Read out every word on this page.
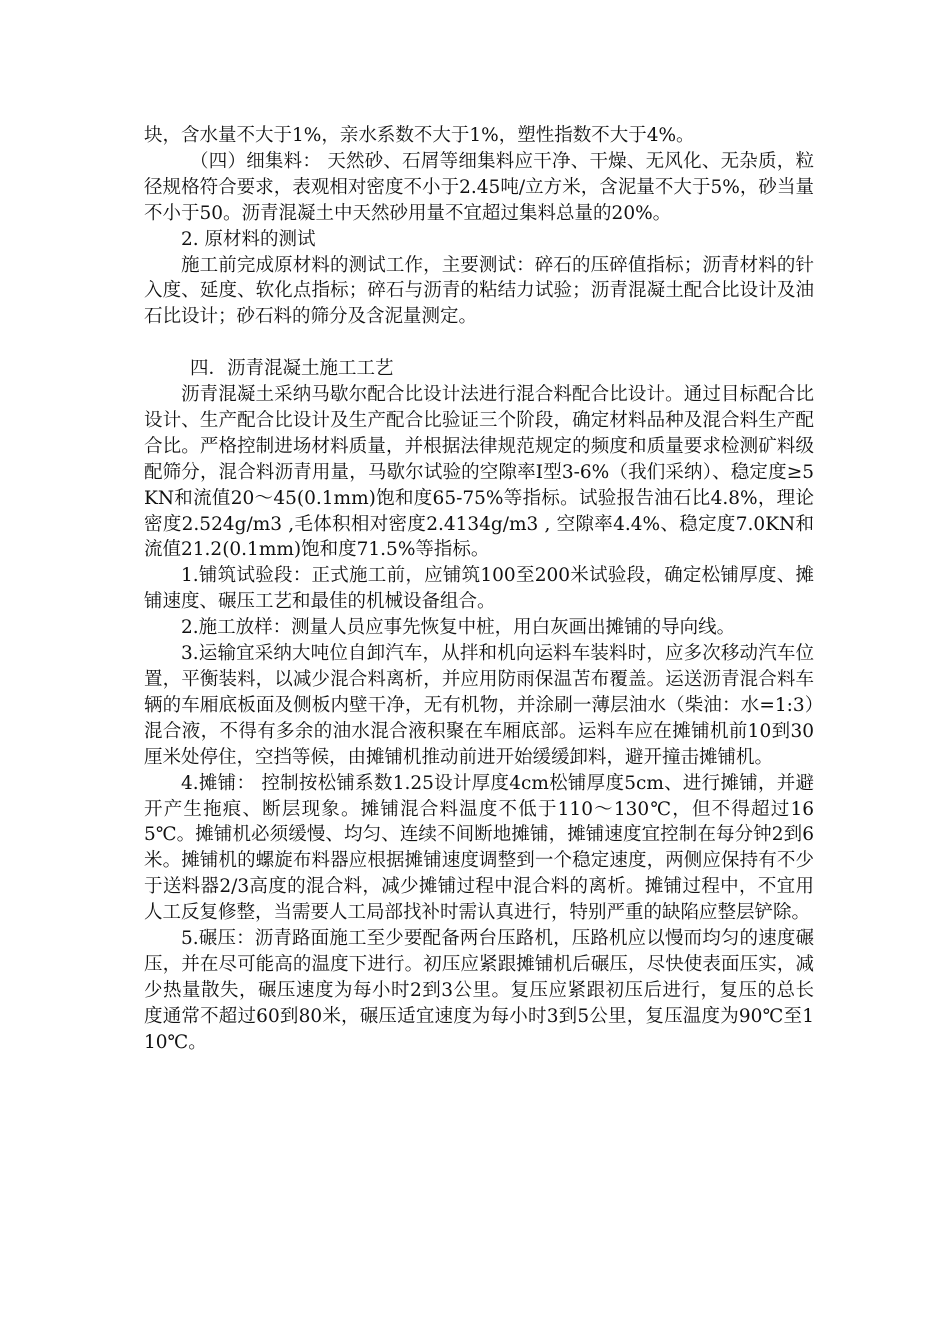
块，含水量不大于1%，亲水系数不大于1%，塑性指数不大于4%。

（四）细集料： 天然砂、石屑等细集料应干净、干燥、无风化、无杂质，粒径规格符合要求，表观相对密度不小于2.45吨/立方米，含泥量不大于5%，砂当量不小于50。沥青混凝土中天然砂用量不宜超过集料总量的20%。

2. 原材料的测试

施工前完成原材料的测试工作，主要测试：碎石的压碎值指标；沥青材料的针入度、延度、软化点指标；碎石与沥青的粘结力试验；沥青混凝土配合比设计及油石比设计；砂石料的筛分及含泥量测定。

四．沥青混凝土施工工艺

沥青混凝土采纳马歇尔配合比设计法进行混合料配合比设计。通过目标配合比设计、生产配合比设计及生产配合比验证三个阶段，确定材料品种及混合料生产配合比。严格控制进场材料质量，并根据法律规范规定的频度和质量要求检测矿料级配筛分，混合料沥青用量，马歇尔试验的空隙率Ⅰ型3-6%（我们采纳）、稳定度≥5KN和流值20～45(0.1mm)饱和度65-75%等指标。试验报告油石比4.8%，理论密度2.524g/m3 ,毛体积相对密度2.4134g/m3 , 空隙率4.4%、稳定度7.0KN和流值21.2(0.1mm)饱和度71.5%等指标。

1.铺筑试验段：正式施工前，应铺筑100至200米试验段，确定松铺厚度、摊铺速度、碾压工艺和最佳的机械设备组合。

2.施工放样：测量人员应事先恢复中桩，用白灰画出摊铺的导向线。

3.运输宜采纳大吨位自卸汽车，从拌和机向运料车装料时，应多次移动汽车位置，平衡装料，以减少混合料离析，并应用防雨保温苫布覆盖。运送沥青混合料车辆的车厢底板面及侧板内壁干净，无有机物，并涂刷一薄层油水（柴油：水=1:3）混合液，不得有多余的油水混合液积聚在车厢底部。运料车应在摊铺机前10到30厘米处停住，空挡等候，由摊铺机推动前进开始缓缓卸料，避开撞击摊铺机。

4.摊铺： 控制按松铺系数1.25设计厚度4cm松铺厚度5cm、进行摊铺，并避开产生拖痕、断层现象。摊铺混合料温度不低于110～130℃，但不得超过165℃。摊铺机必须缓慢、均匀、连续不间断地摊铺，摊铺速度宜控制在每分钟2到6米。摊铺机的螺旋布料器应根据摊铺速度调整到一个稳定速度，两侧应保持有不少于送料器2/3高度的混合料，减少摊铺过程中混合料的离析。摊铺过程中，不宜用人工反复修整，当需要人工局部找补时需认真进行，特别严重的缺陷应整层铲除。

5.碾压：沥青路面施工至少要配备两台压路机，压路机应以慢而均匀的速度碾压，并在尽可能高的温度下进行。初压应紧跟摊铺机后碾压，尽快使表面压实，减少热量散失，碾压速度为每小时2到3公里。复压应紧跟初压后进行，复压的总长度通常不超过60到80米，碾压适宜速度为每小时3到5公里，复压温度为90℃至110℃。
